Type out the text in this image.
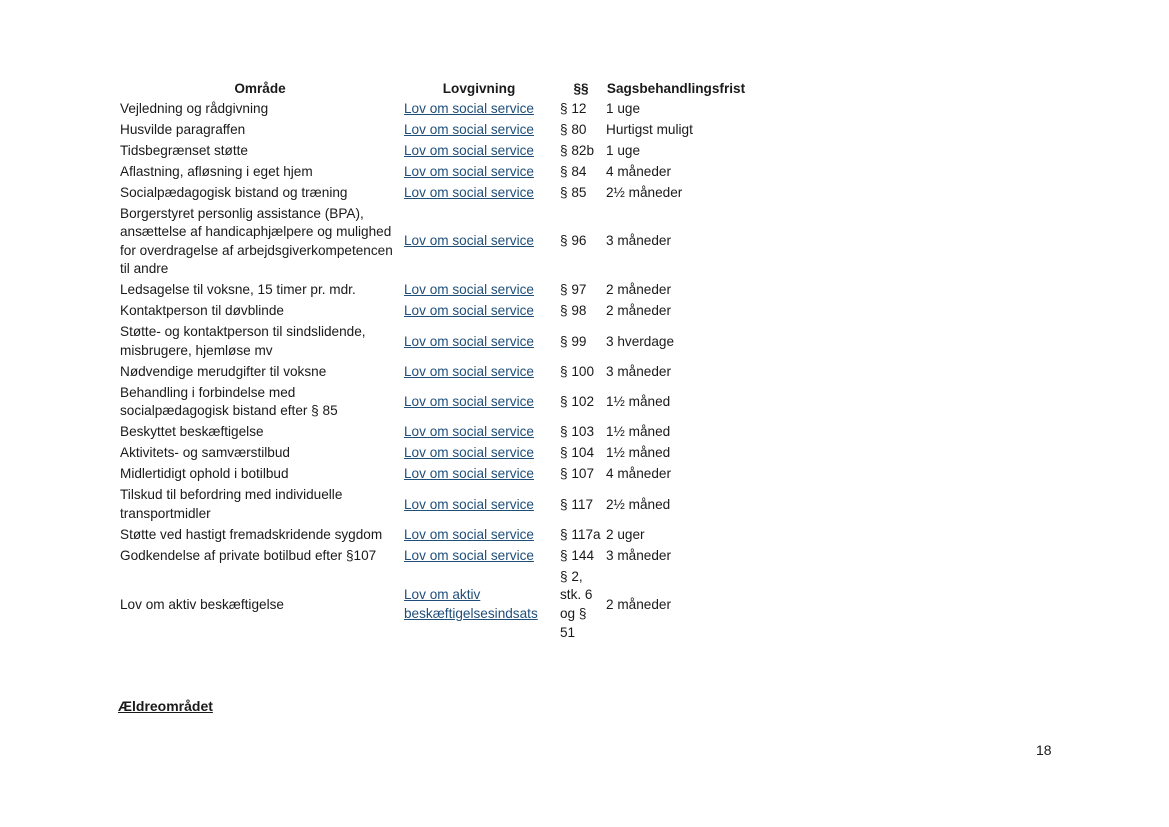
Område	Lovgivning	§§	Sagsbehandlingsfrist
Vejledning og rådgivning	Lov om social service	§ 12	1 uge
Husvilde paragraffen	Lov om social service	§ 80	Hurtigst muligt
Tidsbegrænset støtte	Lov om social service	§ 82b	1 uge
Aflastning, afløsning i eget hjem	Lov om social service	§ 84	4 måneder
Socialpædagogisk bistand og træning	Lov om social service	§ 85	2½ måneder
Borgerstyret personlig assistance (BPA), ansættelse af handicaphjælpere og mulighed for overdragelse af arbejdsgiverkompetencen til andre	Lov om social service	§ 96	3 måneder
Ledsagelse til voksne, 15 timer pr. mdr.	Lov om social service	§ 97	2 måneder
Kontaktperson til døvblinde	Lov om social service	§ 98	2 måneder
Støtte- og kontaktperson til sindslidende, misbrugere, hjemløse mv	Lov om social service	§ 99	3 hverdage
Nødvendige merudgifter til voksne	Lov om social service	§ 100	3 måneder
Behandling i forbindelse med socialpædagogisk bistand efter § 85	Lov om social service	§ 102	1½ måned
Beskyttet beskæftigelse	Lov om social service	§ 103	1½ måned
Aktivitets- og samværstilbud	Lov om social service	§ 104	1½ måned
Midlertidigt ophold i botilbud	Lov om social service	§ 107	4 måneder
Tilskud til befordring med individuelle transportmidler	Lov om social service	§ 117	2½ måned
Støtte ved hastigt fremadskridende sygdom	Lov om social service	§ 117a	2 uger
Godkendelse af private botilbud efter §107	Lov om social service	§ 144	3 måneder
Lov om aktiv beskæftigelse	Lov om aktiv beskæftigelsesindsats	§ 2, stk. 6 og § 51	2 måneder
Ældreområdet
18
